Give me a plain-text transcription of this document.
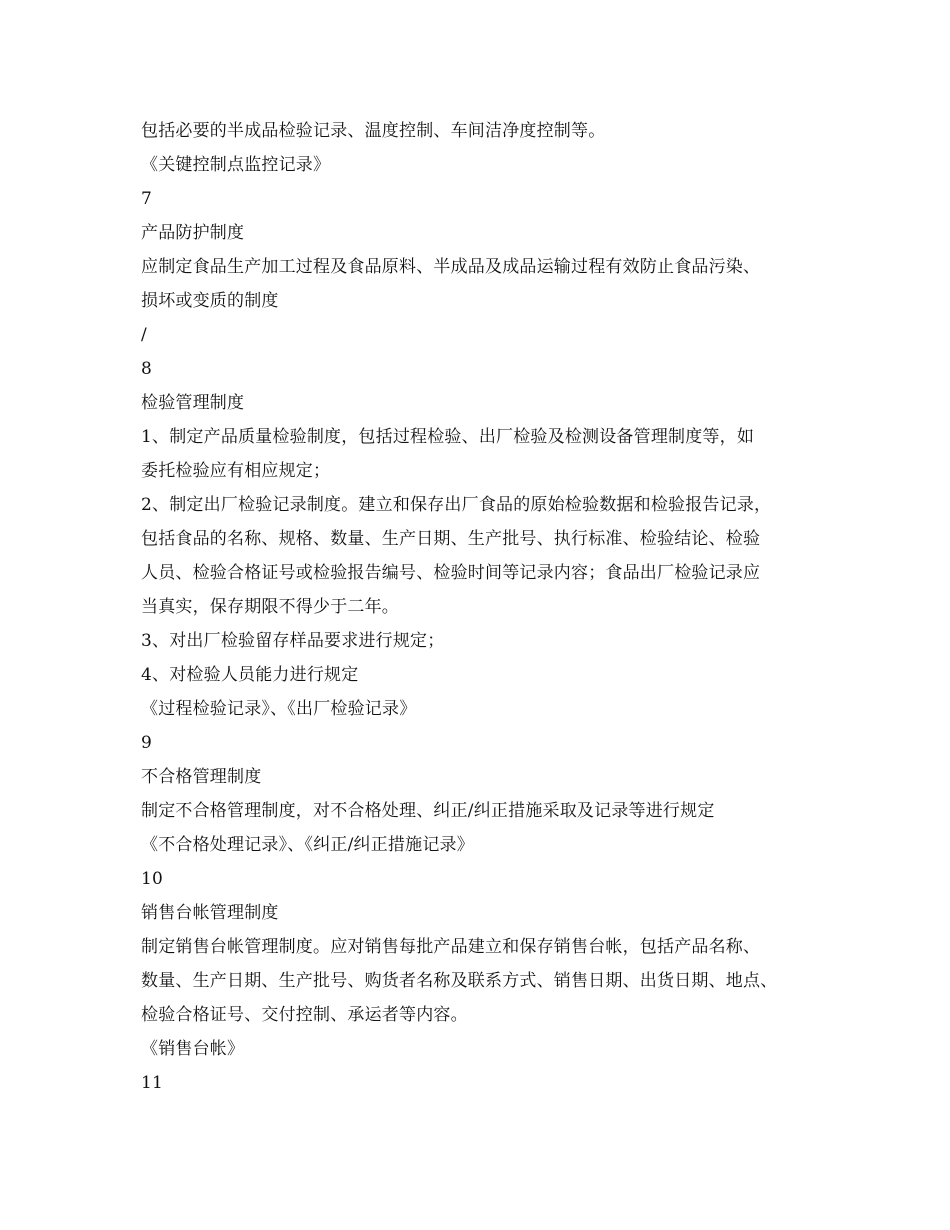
包括必要的半成品检验记录、温度控制、车间洁净度控制等。
《关键控制点监控记录》
7
产品防护制度
应制定食品生产加工过程及食品原料、半成品及成品运输过程有效防止食品污染、
损坏或变质的制度
/
8
检验管理制度
1、制定产品质量检验制度，包括过程检验、出厂检验及检测设备管理制度等，如
委托检验应有相应规定；
2、制定出厂检验记录制度。建立和保存出厂食品的原始检验数据和检验报告记录，
包括食品的名称、规格、数量、生产日期、生产批号、执行标准、检验结论、检验
人员、检验合格证号或检验报告编号、检验时间等记录内容；食品出厂检验记录应
当真实，保存期限不得少于二年。
3、对出厂检验留存样品要求进行规定；
4、对检验人员能力进行规定
《过程检验记录》、《出厂检验记录》
9
不合格管理制度
制定不合格管理制度，对不合格处理、纠正/纠正措施采取及记录等进行规定
《不合格处理记录》、《纠正/纠正措施记录》
10
销售台帐管理制度
制定销售台帐管理制度。应对销售每批产品建立和保存销售台帐，包括产品名称、
数量、生产日期、生产批号、购货者名称及联系方式、销售日期、出货日期、地点、
检验合格证号、交付控制、承运者等内容。
《销售台帐》
11
